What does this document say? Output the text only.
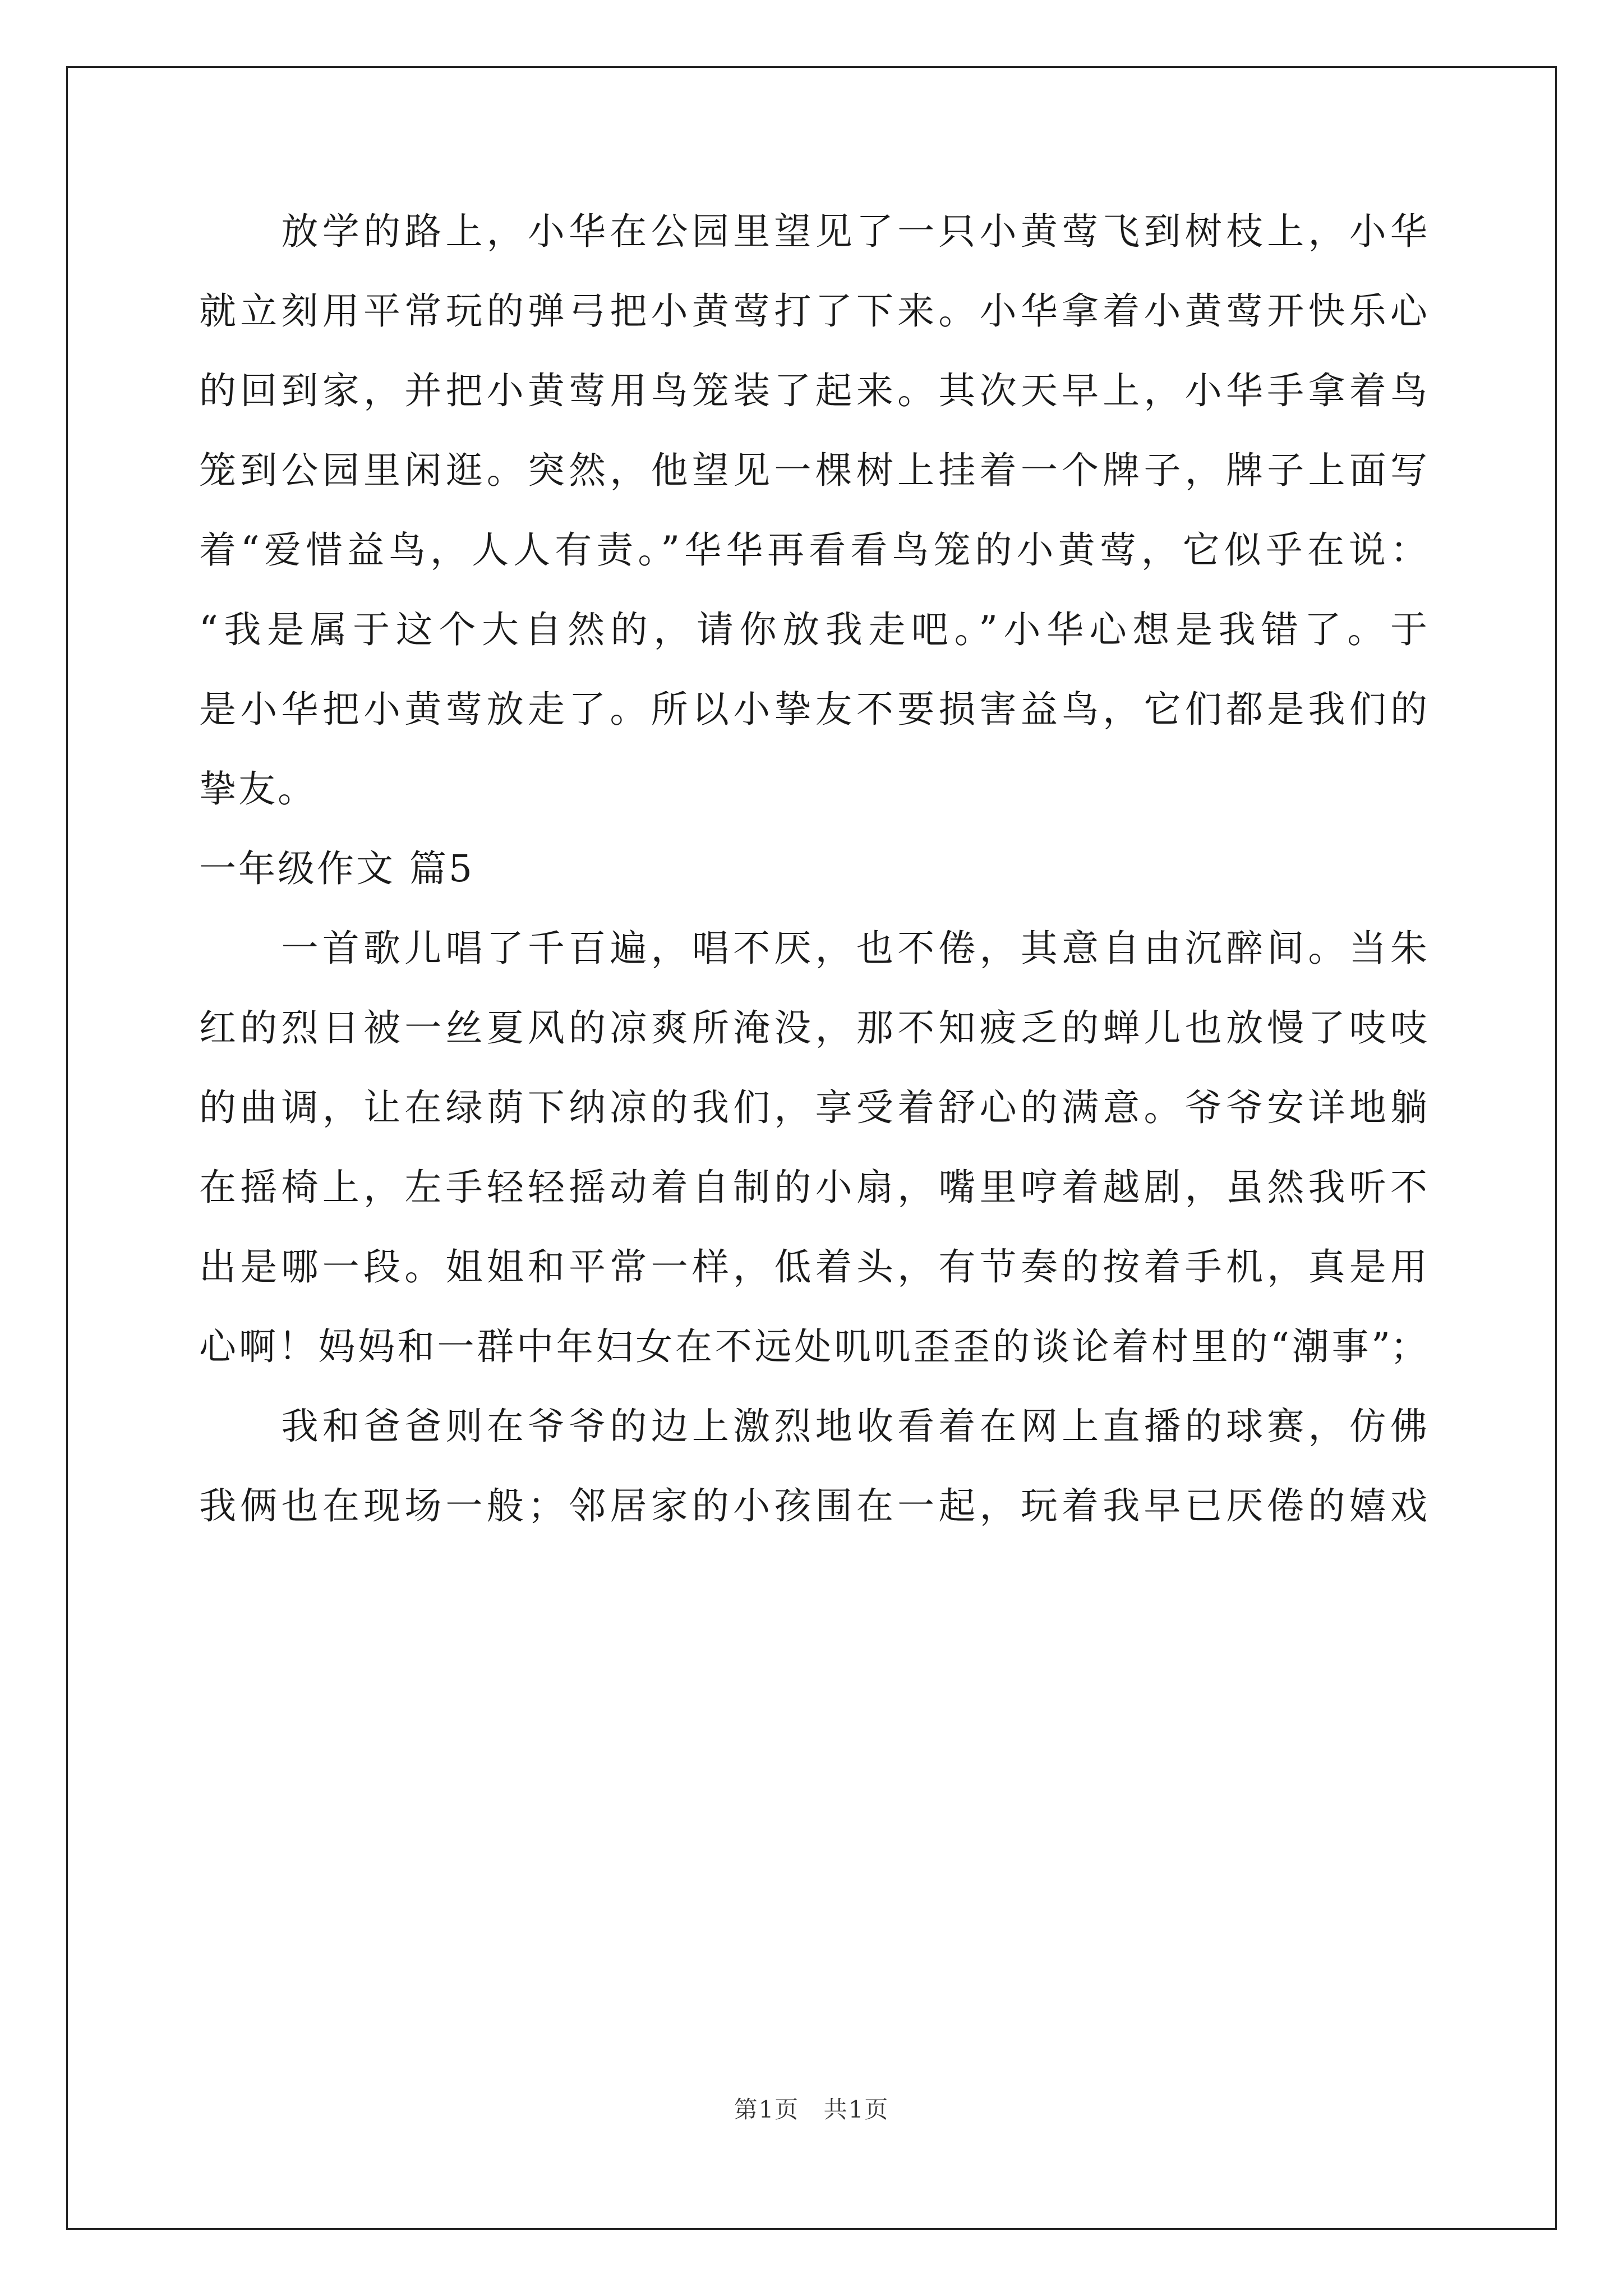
　　放学的路上，小华在公园里望见了一只小黄莺飞到树枝上，小华
就立刻用平常玩的弹弓把小黄莺打了下来。小华拿着小黄莺开快乐心
的回到家，并把小黄莺用鸟笼装了起来。其次天早上，小华手拿着鸟
笼到公园里闲逛。突然，他望见一棵树上挂着一个牌子，牌子上面写
着“爱惜益鸟，人人有责。”华华再看看鸟笼的小黄莺，它似乎在说：
“我是属于这个大自然的，请你放我走吧。”小华心想是我错了。于
是小华把小黄莺放走了。所以小挚友不要损害益鸟，它们都是我们的
挚友。
一年级作文 篇5
　　一首歌儿唱了千百遍，唱不厌，也不倦，其意自由沉醉间。当朱
红的烈日被一丝夏风的凉爽所淹没，那不知疲乏的蝉儿也放慢了吱吱
的曲调，让在绿荫下纳凉的我们，享受着舒心的满意。爷爷安详地躺
在摇椅上，左手轻轻摇动着自制的小扇，嘴里哼着越剧，虽然我听不
出是哪一段。姐姐和平常一样，低着头，有节奏的按着手机，真是用
心啊！妈妈和一群中年妇女在不远处叽叽歪歪的谈论着村里的“潮事”；
　　我和爸爸则在爷爷的边上激烈地收看着在网上直播的球赛，仿佛
我俩也在现场一般；邻居家的小孩围在一起，玩着我早已厌倦的嬉戏
第1页 共1页
